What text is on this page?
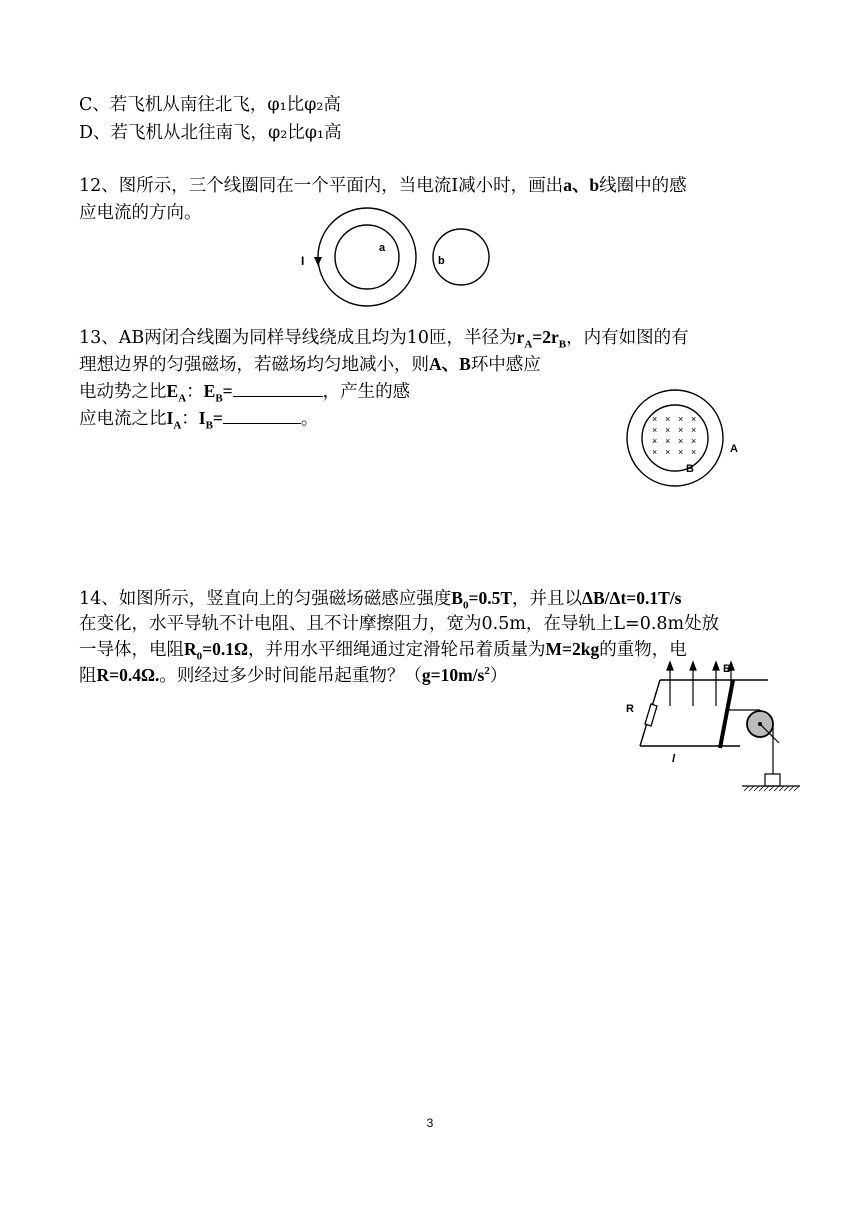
C、若飞机从南往北飞，φ₁比φ₂高
D、若飞机从北往南飞，φ₂比φ₁高
12、图所示，三个线圈同在一个平面内，当电流Ⅰ减小时，画出a、b线圈中的感
应电流的方向。
I
a
b
13、AB两闭合线圈为同样导线绕成且均为10匝，半径为$r_A=2r_B$，内有如图的有
理想边界的匀强磁场，若磁场均匀地减小，则A、B环中感应
电动势之比$E_A$：$E_B=$	，产生的感
应电流之比$I_A$：$I_B=$	。	× × × ×
× × × ×
× × × ×
× × × ×	A
B
14、如图所示，竖直向上的匀强磁场磁感应强度$B_0=0.5T$，并且以ΔB/Δt=0.1T/s
在变化，水平导轨不计电阻、且不计摩擦阻力，宽为0.5m，在导轨上L=0.8m处放
一导体，电阻$R_0=0.1\Omega$，并用水平细绳通过定滑轮吊着质量为M=2kg的重物，电
阻R=0.4Ω.。则经过多少时间能吊起重物？$(g=10m/s^2)$
R
B
l
3
